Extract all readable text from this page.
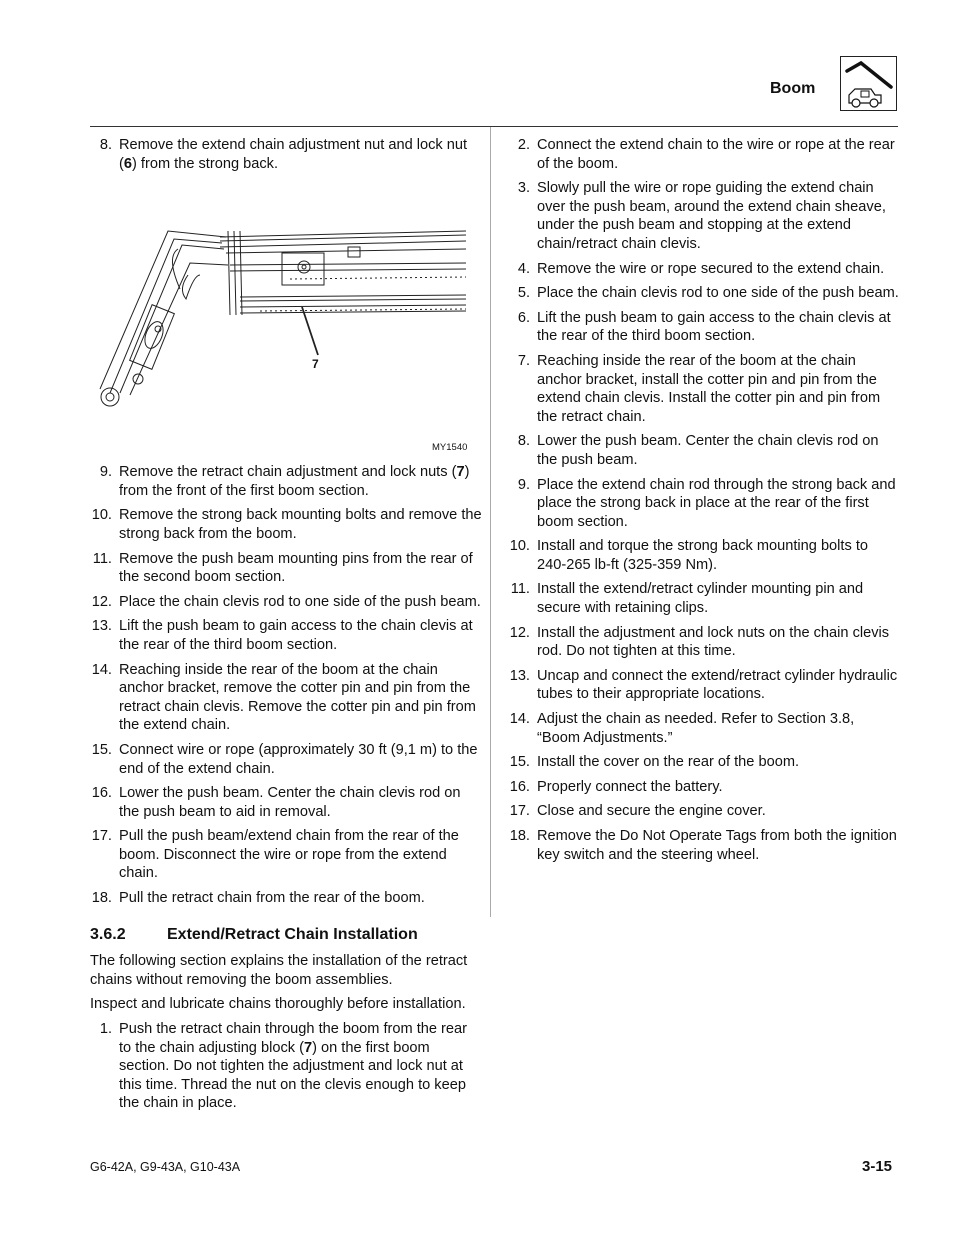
Boom
8. Remove the extend chain adjustment nut and lock nut (6) from the strong back.
7
MY1540
9. Remove the retract chain adjustment and lock nuts (7) from the front of the first boom section.
10. Remove the strong back mounting bolts and remove the strong back from the boom.
11. Remove the push beam mounting pins from the rear of the second boom section.
12. Place the chain clevis rod to one side of the push beam.
13. Lift the push beam to gain access to the chain clevis at the rear of the third boom section.
14. Reaching inside the rear of the boom at the chain anchor bracket, remove the cotter pin and pin from the retract chain clevis. Remove the cotter pin and pin from the extend chain.
15. Connect wire or rope (approximately 30 ft (9,1 m) to the end of the extend chain.
16. Lower the push beam. Center the chain clevis rod on the push beam to aid in removal.
17. Pull the push beam/extend chain from the rear of the boom. Disconnect the wire or rope from the extend chain.
18. Pull the retract chain from the rear of the boom.
3.6.2	Extend/Retract Chain Installation

The following section explains the installation of the retract chains without removing the boom assemblies.

Inspect and lubricate chains thoroughly before installation.

1. Push the retract chain through the boom from the rear to the chain adjusting block (7) on the first boom section. Do not tighten the adjustment and lock nut at this time. Thread the nut on the clevis enough to keep the chain in place.
2. Connect the extend chain to the wire or rope at the rear of the boom.
3. Slowly pull the wire or rope guiding the extend chain over the push beam, around the extend chain sheave, under the push beam and stopping at the extend chain/retract chain clevis.
4. Remove the wire or rope secured to the extend chain.
5. Place the chain clevis rod to one side of the push beam.
6. Lift the push beam to gain access to the chain clevis at the rear of the third boom section.
7. Reaching inside the rear of the boom at the chain anchor bracket, install the cotter pin and pin from the extend chain clevis. Install the cotter pin and pin from the retract chain.
8. Lower the push beam. Center the chain clevis rod on the push beam.
9. Place the extend chain rod through the strong back and place the strong back in place at the rear of the first boom section.
10. Install and torque the strong back mounting bolts to 240-265 lb-ft (325-359 Nm).
11. Install the extend/retract cylinder mounting pin and secure with retaining clips.
12. Install the adjustment and lock nuts on the chain clevis rod. Do not tighten at this time.
13. Uncap and connect the extend/retract cylinder hydraulic tubes to their appropriate locations.
14. Adjust the chain as needed. Refer to Section 3.8, “Boom Adjustments.”
15. Install the cover on the rear of the boom.
16. Properly connect the battery.
17. Close and secure the engine cover.
18. Remove the Do Not Operate Tags from both the ignition key switch and the steering wheel.
G6-42A, G9-43A, G10-43A	3-15
